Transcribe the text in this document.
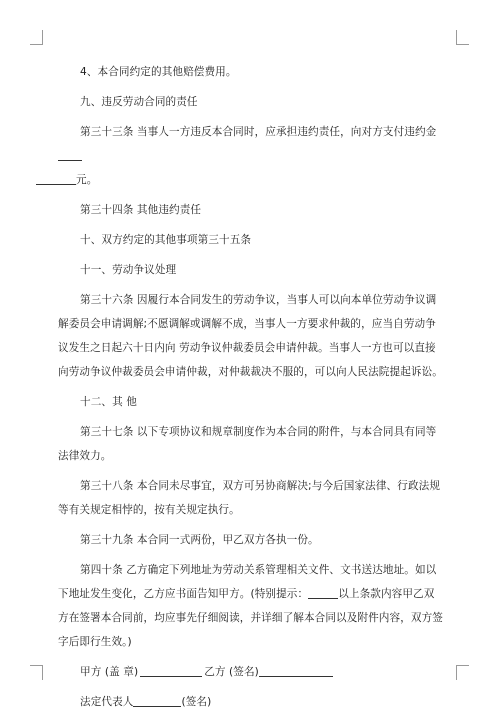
4、本合同约定的其他赔偿费用。

九、违反劳动合同的责任

第三十三条 当事人一方违反本合同时，应承担违约责任，向对方支付违约金
元。

第三十四条 其他违约责任

十、双方约定的其他事项第三十五条

十一、劳动争议处理

第三十六条 因履行本合同发生的劳动争议，当事人可以向本单位劳动争议调解委员会申请调解;不愿调解或调解不成，当事人一方要求仲裁的，应当自劳动争议发生之日起六十日内向 劳动争议仲裁委员会申请仲裁。当事人一方也可以直接向劳动争议仲裁委员会申请仲裁，对仲裁裁决不服的，可以向人民法院提起诉讼。

十二、其 他

第三十七条 以下专项协议和规章制度作为本合同的附件，与本合同具有同等法律效力。

第三十八条 本合同未尽事宜，双方可另协商解决;与今后国家法律、行政法规等有关规定相悖的，按有关规定执行。

第三十九条 本合同一式两份，甲乙双方各执一份。

第四十条 乙方确定下列地址为劳动关系管理相关文件、文书送达地址。如以下地址发生变化，乙方应书面告知甲方。(特别提示：	以上条款内容甲乙双方在签署本合同前，均应事先仔细阅读，并详细了解本合同以及附件内容，双方签字后即行生效。)

甲方 (盖 章)	乙方 (签名)

法定代表人	(签名)
